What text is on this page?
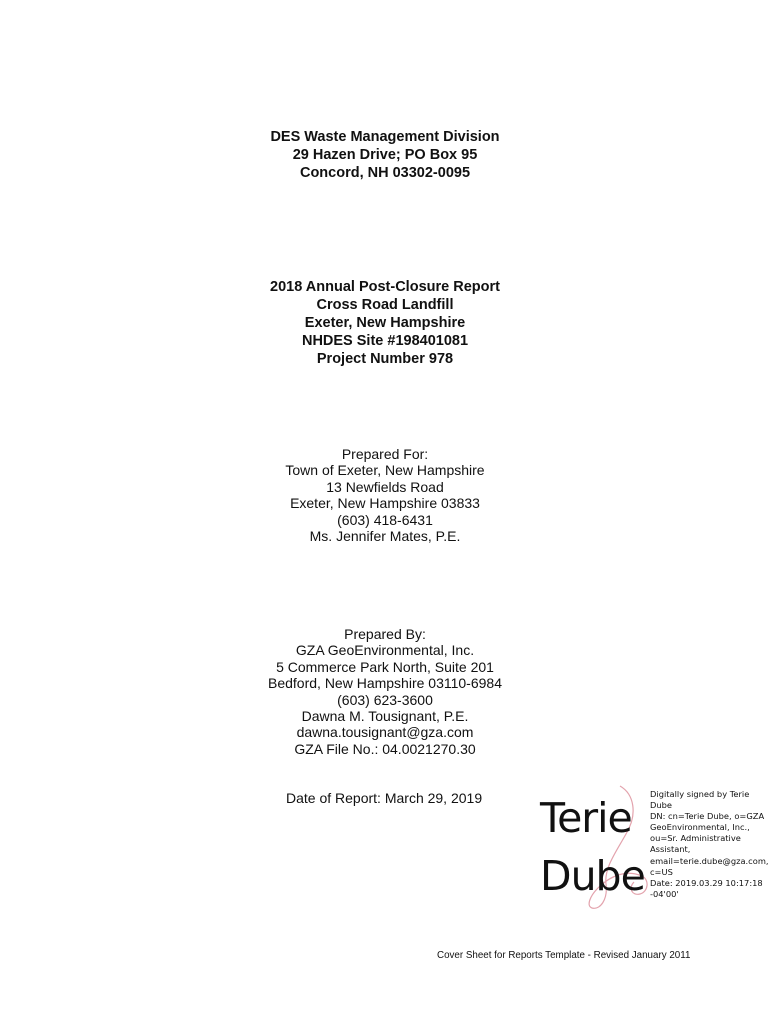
DES Waste Management Division
29 Hazen Drive; PO Box 95
Concord, NH 03302-0095
2018 Annual Post-Closure Report
Cross Road Landfill
Exeter, New Hampshire
NHDES Site #198401081
Project Number 978
Prepared For:
Town of Exeter, New Hampshire
13 Newfields Road
Exeter, New Hampshire 03833
(603) 418-6431
Ms. Jennifer Mates, P.E.
Prepared By:
GZA GeoEnvironmental, Inc.
5 Commerce Park North, Suite 201
Bedford, New Hampshire 03110-6984
(603) 623-3600
Dawna M. Tousignant, P.E.
dawna.tousignant@gza.com
GZA File No.: 04.0021270.30
Date of Report: March 29, 2019 Terie
Dube
Digitally signed by Terie
Dube
DN: cn=Terie Dube, o=GZA
GeoEnvironmental, Inc.,
ou=Sr. Administrative
Assistant,
email=terie.dube@gza.com,
c=US
Date: 2019.03.29 10:17:18
-04'00'
Cover Sheet for Reports Template - Revised January 2011
